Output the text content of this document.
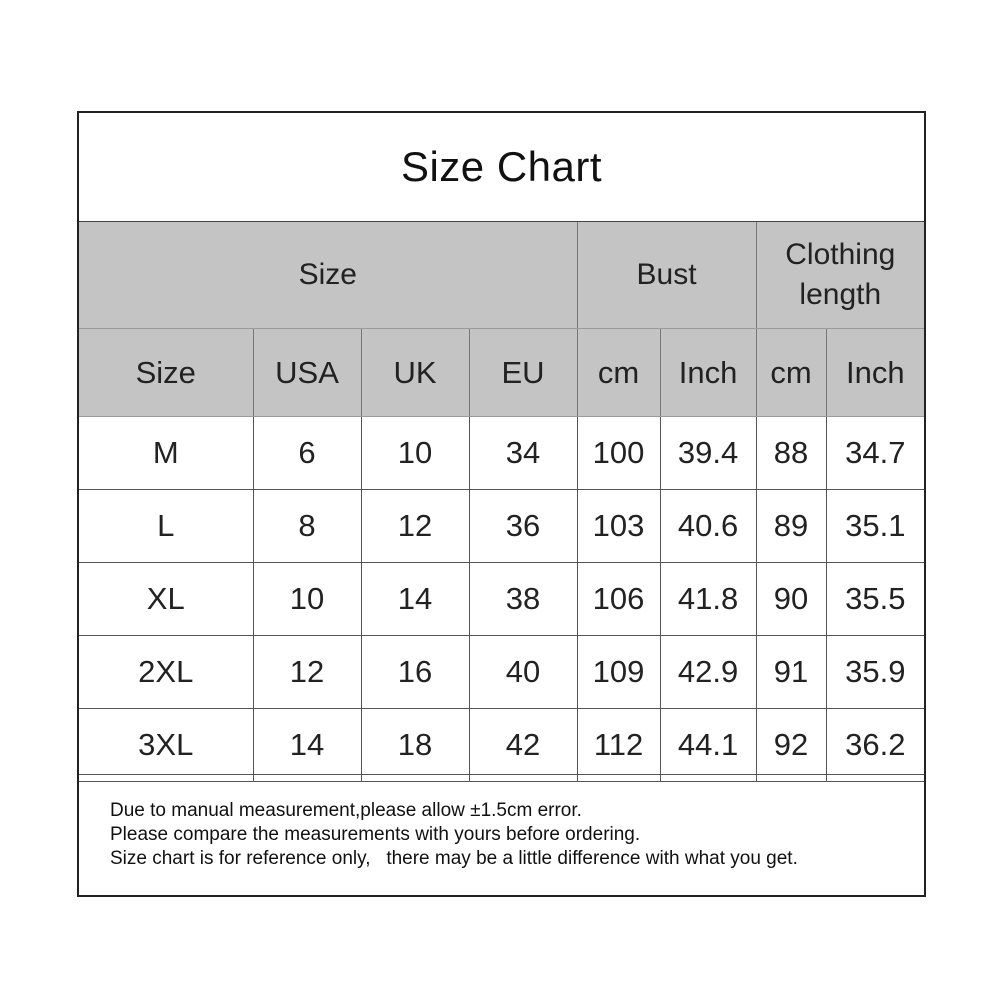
Size Chart
Size				Bust		Clothing
length	
Size	USA	UK	EU	cm	Inch	cm	Inch
M	6	10	34	100	39.4	88	34.7
L	8	12	36	103	40.6	89	35.1
XL	10	14	38	106	41.8	90	35.5
2XL	12	16	40	109	42.9	91	35.9
3XL	14	18	42	112	44.1	92	36.2
Due to manual measurement,please allow ±1.5cm error.
Please compare the measurements with yours before ordering.
Size chart is for reference only,   there may be a little difference with what you get.
